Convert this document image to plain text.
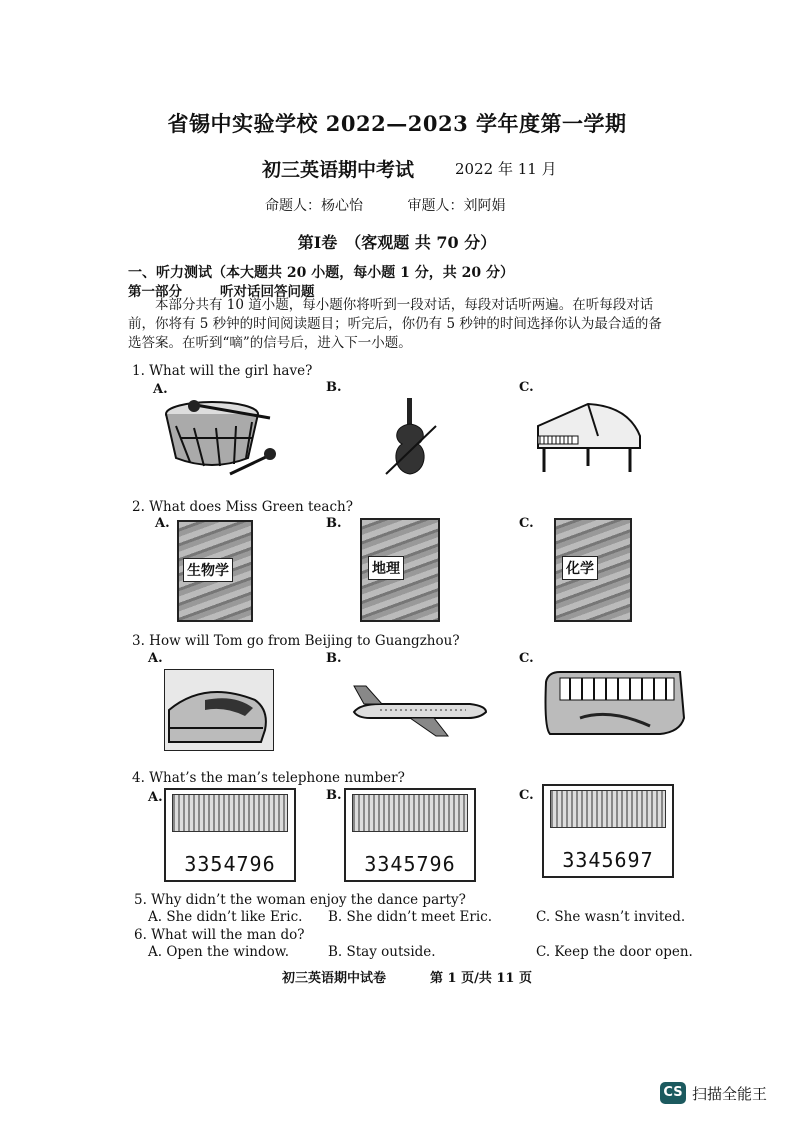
省锡中实验学校 2022—2023 学年度第一学期
初三英语期中考试	2022 年 11 月
命题人：杨心怡	审题人：刘阿娟
第Ⅰ卷　（客观题 共 70 分）
一、听力测试（本大题共 20 小题，每小题 1 分，共 20 分）
第一部分	听对话回答问题
本部分共有 10 道小题，每小题你将听到一段对话，每段对话听两遍。在听每段对话前，你将有 5 秒钟的时间阅读题目；听完后，你仍有 5 秒钟的时间选择你认为最合适的备选答案。在听到“嘀”的信号后，进入下一小题。
1. What will the girl have?
A.	B.	C.
2. What does Miss Green teach?
A.	B.	C.
生物学	地理	化学
3. How will Tom go from Beijing to Guangzhou?
A.	B.	C.
4. What’s the man’s telephone number?
A.	B.	C.
3354796	3345796	3345697
5. Why didn’t the woman enjoy the dance party?
A. She didn’t like Eric. B. She didn’t meet Eric.	C. She wasn’t invited.
6. What will the man do?
A. Open the window.	B. Stay outside.	C. Keep the door open.
初三英语期中试卷	第 1 页/共 11 页
CS 扫描全能王
